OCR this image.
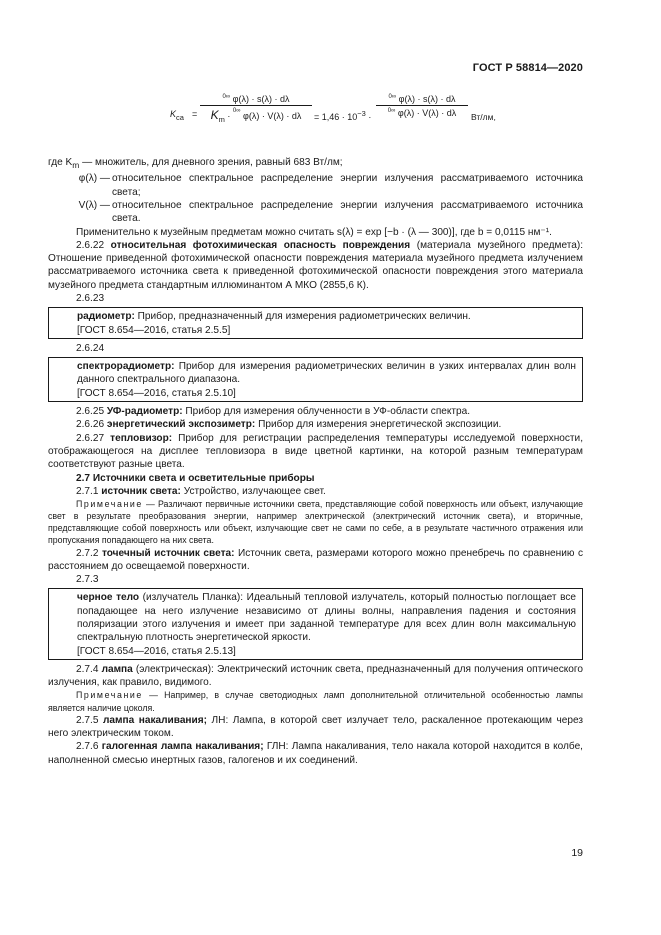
ГОСТ Р 58814—2020
$K_{ca} = \frac{^{0\infty} \varphi(\lambda) \cdot s(\lambda) \cdot d\lambda}{K_m \cdot ^{0\infty} \varphi(\lambda) \cdot V(\lambda) \cdot d\lambda} = 1,46 \cdot 10^{-3} \cdot \frac{^{0\infty} \varphi(\lambda) \cdot s(\lambda) \cdot d\lambda}{^{0\infty} \varphi(\lambda) \cdot V(\lambda) \cdot d\lambda} Вт/лм$,

где $K_m$ — множитель, для дневного зрения, равный 683 Вт/лм;

φ(λ) — относительное спектральное распределение энергии излучения рассматриваемого источника

света;

V(λ) — относительное спектральное распределение энергии излучения рассматриваемого источника

света.

Применительно к музейным предметам можно считать s(λ) = exp [−b · (λ — 300)], где b = 0,0115 нм⁻¹.

2.6.22 относительная фотохимическая опасность повреждения (материала музейного предмета): Отношение приведенной фотохимической опасности повреждения материала музейного предмета излучением рассматриваемого источника света к приведенной фотохимической опасности повреждения этого материала музейного предмета стандартным иллюминантом А МКО (2855,6 К).

2.6.23

радиометр: Прибор, предназначенный для измерения радиометрических величин.

[ГОСТ 8.654—2016, статья 2.5.5]

2.6.24

спектрорадиометр: Прибор для измерения радиометрических величин в узких интервалах длин волн данного спектрального диапазона.

[ГОСТ 8.654—2016, статья 2.5.10]

2.6.25 УФ-радиометр: Прибор для измерения облученности в УФ-области спектра.

2.6.26 энергетический экспозиметр: Прибор для измерения энергетической экспозиции.

2.6.27 тепловизор: Прибор для регистрации распределения температуры исследуемой поверхности, отображающегося на дисплее тепловизора в виде цветной картинки, на которой разным температурам соответствуют разные цвета.

2.7 Источники света и осветительные приборы

2.7.1 источник света: Устройство, излучающее свет.

Примечание — Различают первичные источники света, представляющие собой поверхность или объект, излучающие свет в результате преобразования энергии, например электрической (электрический источник света), и вторичные, представляющие собой поверхность или объект, излучающие свет не сами по себе, а в результате частичного отражения или пропускания попадающего на них света.

2.7.2 точечный источник света: Источник света, размерами которого можно пренебречь по сравнению с расстоянием до освещаемой поверхности.

2.7.3

черное тело (излучатель Планка): Идеальный тепловой излучатель, который полностью поглощает все попадающее на него излучение независимо от длины волны, направления падения и состояния поляризации этого излучения и имеет при заданной температуре для всех длин волн максимальную спектральную плотность энергетической яркости.

[ГОСТ 8.654—2016, статья 2.5.13]

2.7.4 лампа (электрическая): Электрический источник света, предназначенный для получения оптического излучения, как правило, видимого.

Примечание — Например, в случае светодиодных ламп дополнительной отличительной особенностью лампы является наличие цоколя.

2.7.5 лампа накаливания; ЛН: Лампа, в которой свет излучает тело, раскаленное протекающим через него электрическим током.

2.7.6 галогенная лампа накаливания; ГЛН: Лампа накаливания, тело накала которой находится в колбе, наполненной смесью инертных газов, галогенов и их соединений.

19
